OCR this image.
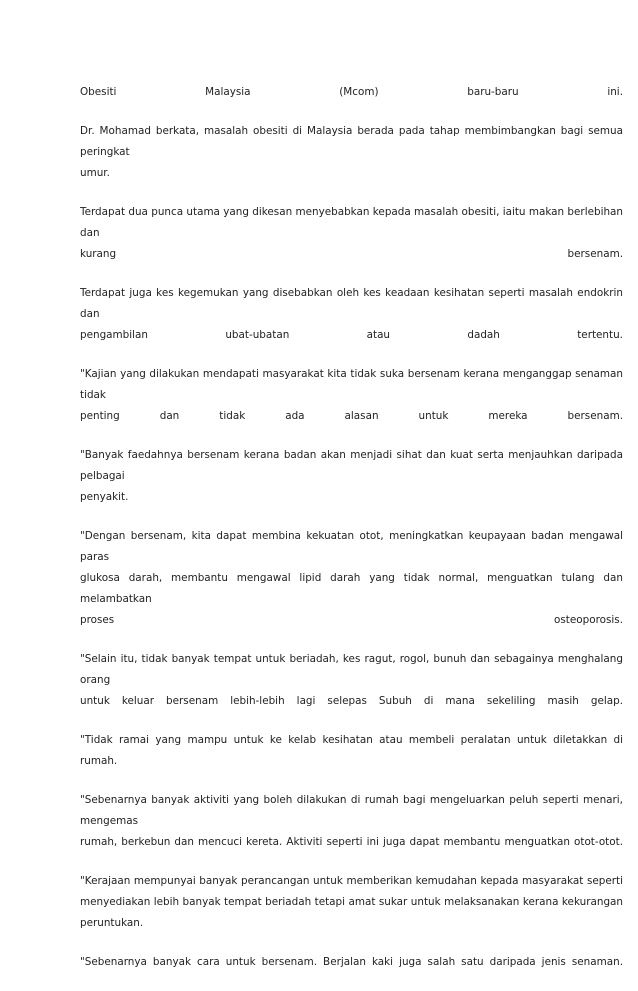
Obesiti Malaysia (Mcom) baru-baru ini.

Dr. Mohamad berkata, masalah obesiti di Malaysia berada pada tahap membimbangkan bagi semua peringkat
umur.

Terdapat dua punca utama yang dikesan menyebabkan kepada masalah obesiti, iaitu makan berlebihan dan
kurang bersenam.

Terdapat juga kes kegemukan yang disebabkan oleh kes keadaan kesihatan seperti masalah endokrin dan
pengambilan ubat-ubatan atau dadah tertentu.

"Kajian yang dilakukan mendapati masyarakat kita tidak suka bersenam kerana menganggap senaman tidak
penting dan tidak ada alasan untuk mereka bersenam.

"Banyak faedahnya bersenam kerana badan akan menjadi sihat dan kuat serta menjauhkan daripada pelbagai
penyakit.

"Dengan bersenam, kita dapat membina kekuatan otot, meningkatkan keupayaan badan mengawal paras
glukosa darah, membantu mengawal lipid darah yang tidak normal, menguatkan tulang dan melambatkan
proses osteoporosis.

"Selain itu, tidak banyak tempat untuk beriadah, kes ragut, rogol, bunuh dan sebagainya menghalang orang
untuk keluar bersenam lebih-lebih lagi selepas Subuh di mana sekeliling masih gelap.

"Tidak ramai yang mampu untuk ke kelab kesihatan atau membeli peralatan untuk diletakkan di rumah.

"Sebenarnya banyak aktiviti yang boleh dilakukan di rumah bagi mengeluarkan peluh seperti menari, mengemas
rumah, berkebun dan mencuci kereta. Aktiviti seperti ini juga dapat membantu menguatkan otot-otot.

"Kerajaan mempunyai banyak perancangan untuk memberikan kemudahan kepada masyarakat seperti
menyediakan lebih banyak tempat beriadah tetapi amat sukar untuk melaksanakan kerana kekurangan
peruntukan.

"Sebenarnya banyak cara untuk bersenam. Berjalan kaki juga salah satu daripada jenis senaman.
